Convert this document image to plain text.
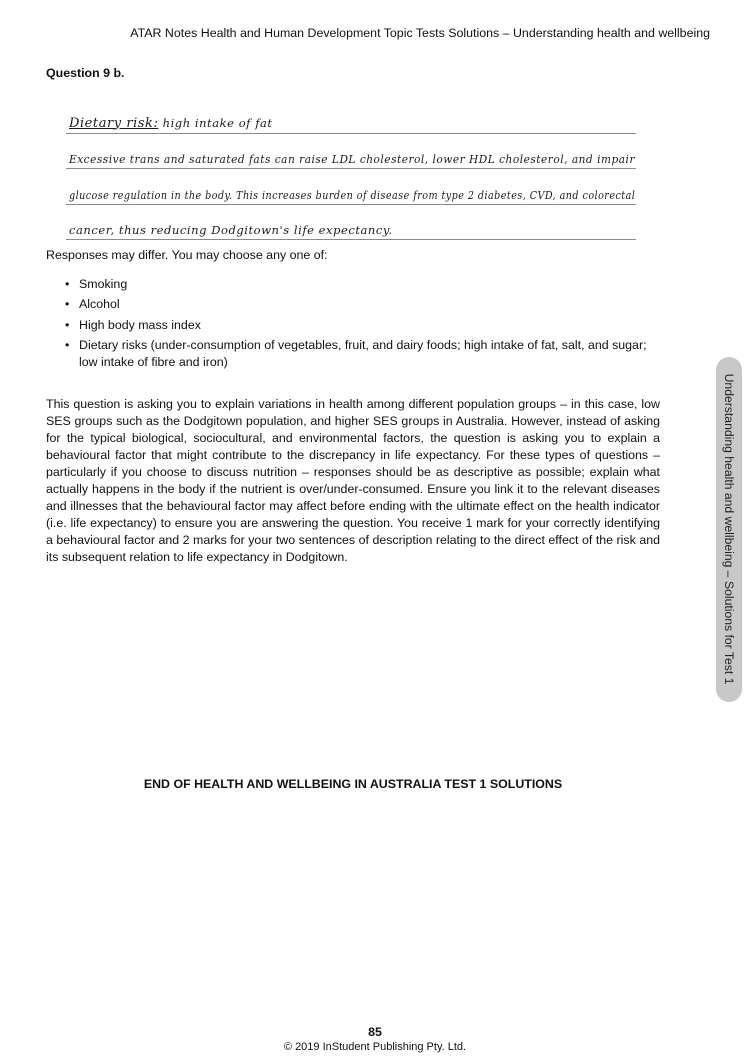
ATAR Notes Health and Human Development Topic Tests Solutions – Understanding health and wellbeing
Question 9 b.
Dietary risk: high intake of fat
Excessive trans and saturated fats can raise LDL cholesterol, lower HDL cholesterol, and impair
glucose regulation in the body. This increases burden of disease from type 2 diabetes, CVD, and colorectal
cancer, thus reducing Dodgitown's life expectancy.
Responses may differ. You may choose any one of:
• Smoking
• Alcohol
• High body mass index
• Dietary risks (under-consumption of vegetables, fruit, and dairy foods; high intake of fat, salt, and sugar; low intake of fibre and iron)

This question is asking you to explain variations in health among different population groups – in this case, low SES groups such as the Dodgitown population, and higher SES groups in Australia. However, instead of asking for the typical biological, sociocultural, and environmental factors, the question is asking you to explain a behavioural factor that might contribute to the discrepancy in life expectancy. For these types of questions – particularly if you choose to discuss nutrition – responses should be as descriptive as possible; explain what actually happens in the body if the nutrient is over/under-consumed. Ensure you link it to the relevant diseases and illnesses that the behavioural factor may affect before ending with the ultimate effect on the health indicator (i.e. life expectancy) to ensure you are answering the question. You receive 1 mark for your correctly identifying a behavioural factor and 2 marks for your two sentences of description relating to the direct effect of the risk and its subsequent relation to life expectancy in Dodgitown.

END OF HEALTH AND WELLBEING IN AUSTRALIA TEST 1 SOLUTIONS
Understanding health and wellbeing – Solutions for Test 1
85
© 2019 InStudent Publishing Pty. Ltd.
